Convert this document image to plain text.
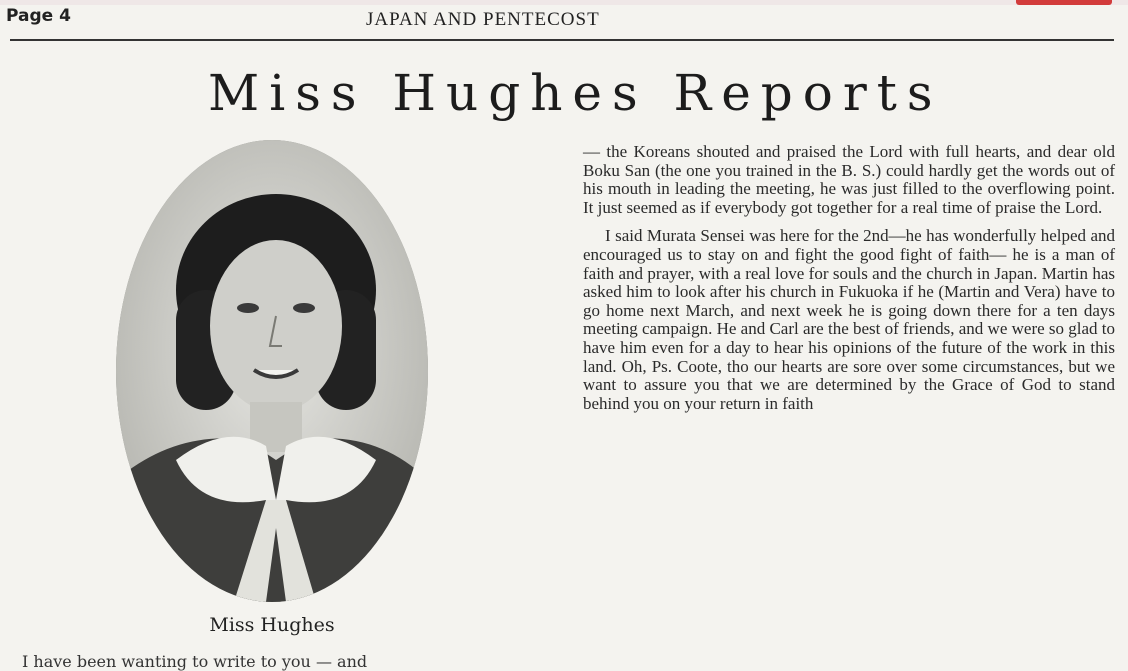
Page 4	JAPAN AND PENTECOST
Miss Hughes Reports
Miss Hughes
I have been wanting to write to you — and

— the Koreans shouted and praised the Lord with full hearts, and dear old Boku San (the one you trained in the B. S.) could hardly get the words out of his mouth in leading the meeting, he was just filled to the overflowing point. It just seemed as if everybody got together for a real time of praise the Lord.

I said Murata Sensei was here for the 2nd—he has wonderfully helped and encouraged us to stay on and fight the good fight of faith— he is a man of faith and prayer, with a real love for souls and the church in Japan. Martin has asked him to look after his church in Fukuoka if he (Martin and Vera) have to go home next March, and next week he is going down there for a ten days meeting campaign. He and Carl are the best of friends, and we were so glad to have him even for a day to hear his opinions of the future of the work in this land. Oh, Ps. Coote, tho our hearts are sore over some circumstances, but we want to assure you that we are determined by the Grace of God to stand behind you on your return in faith
